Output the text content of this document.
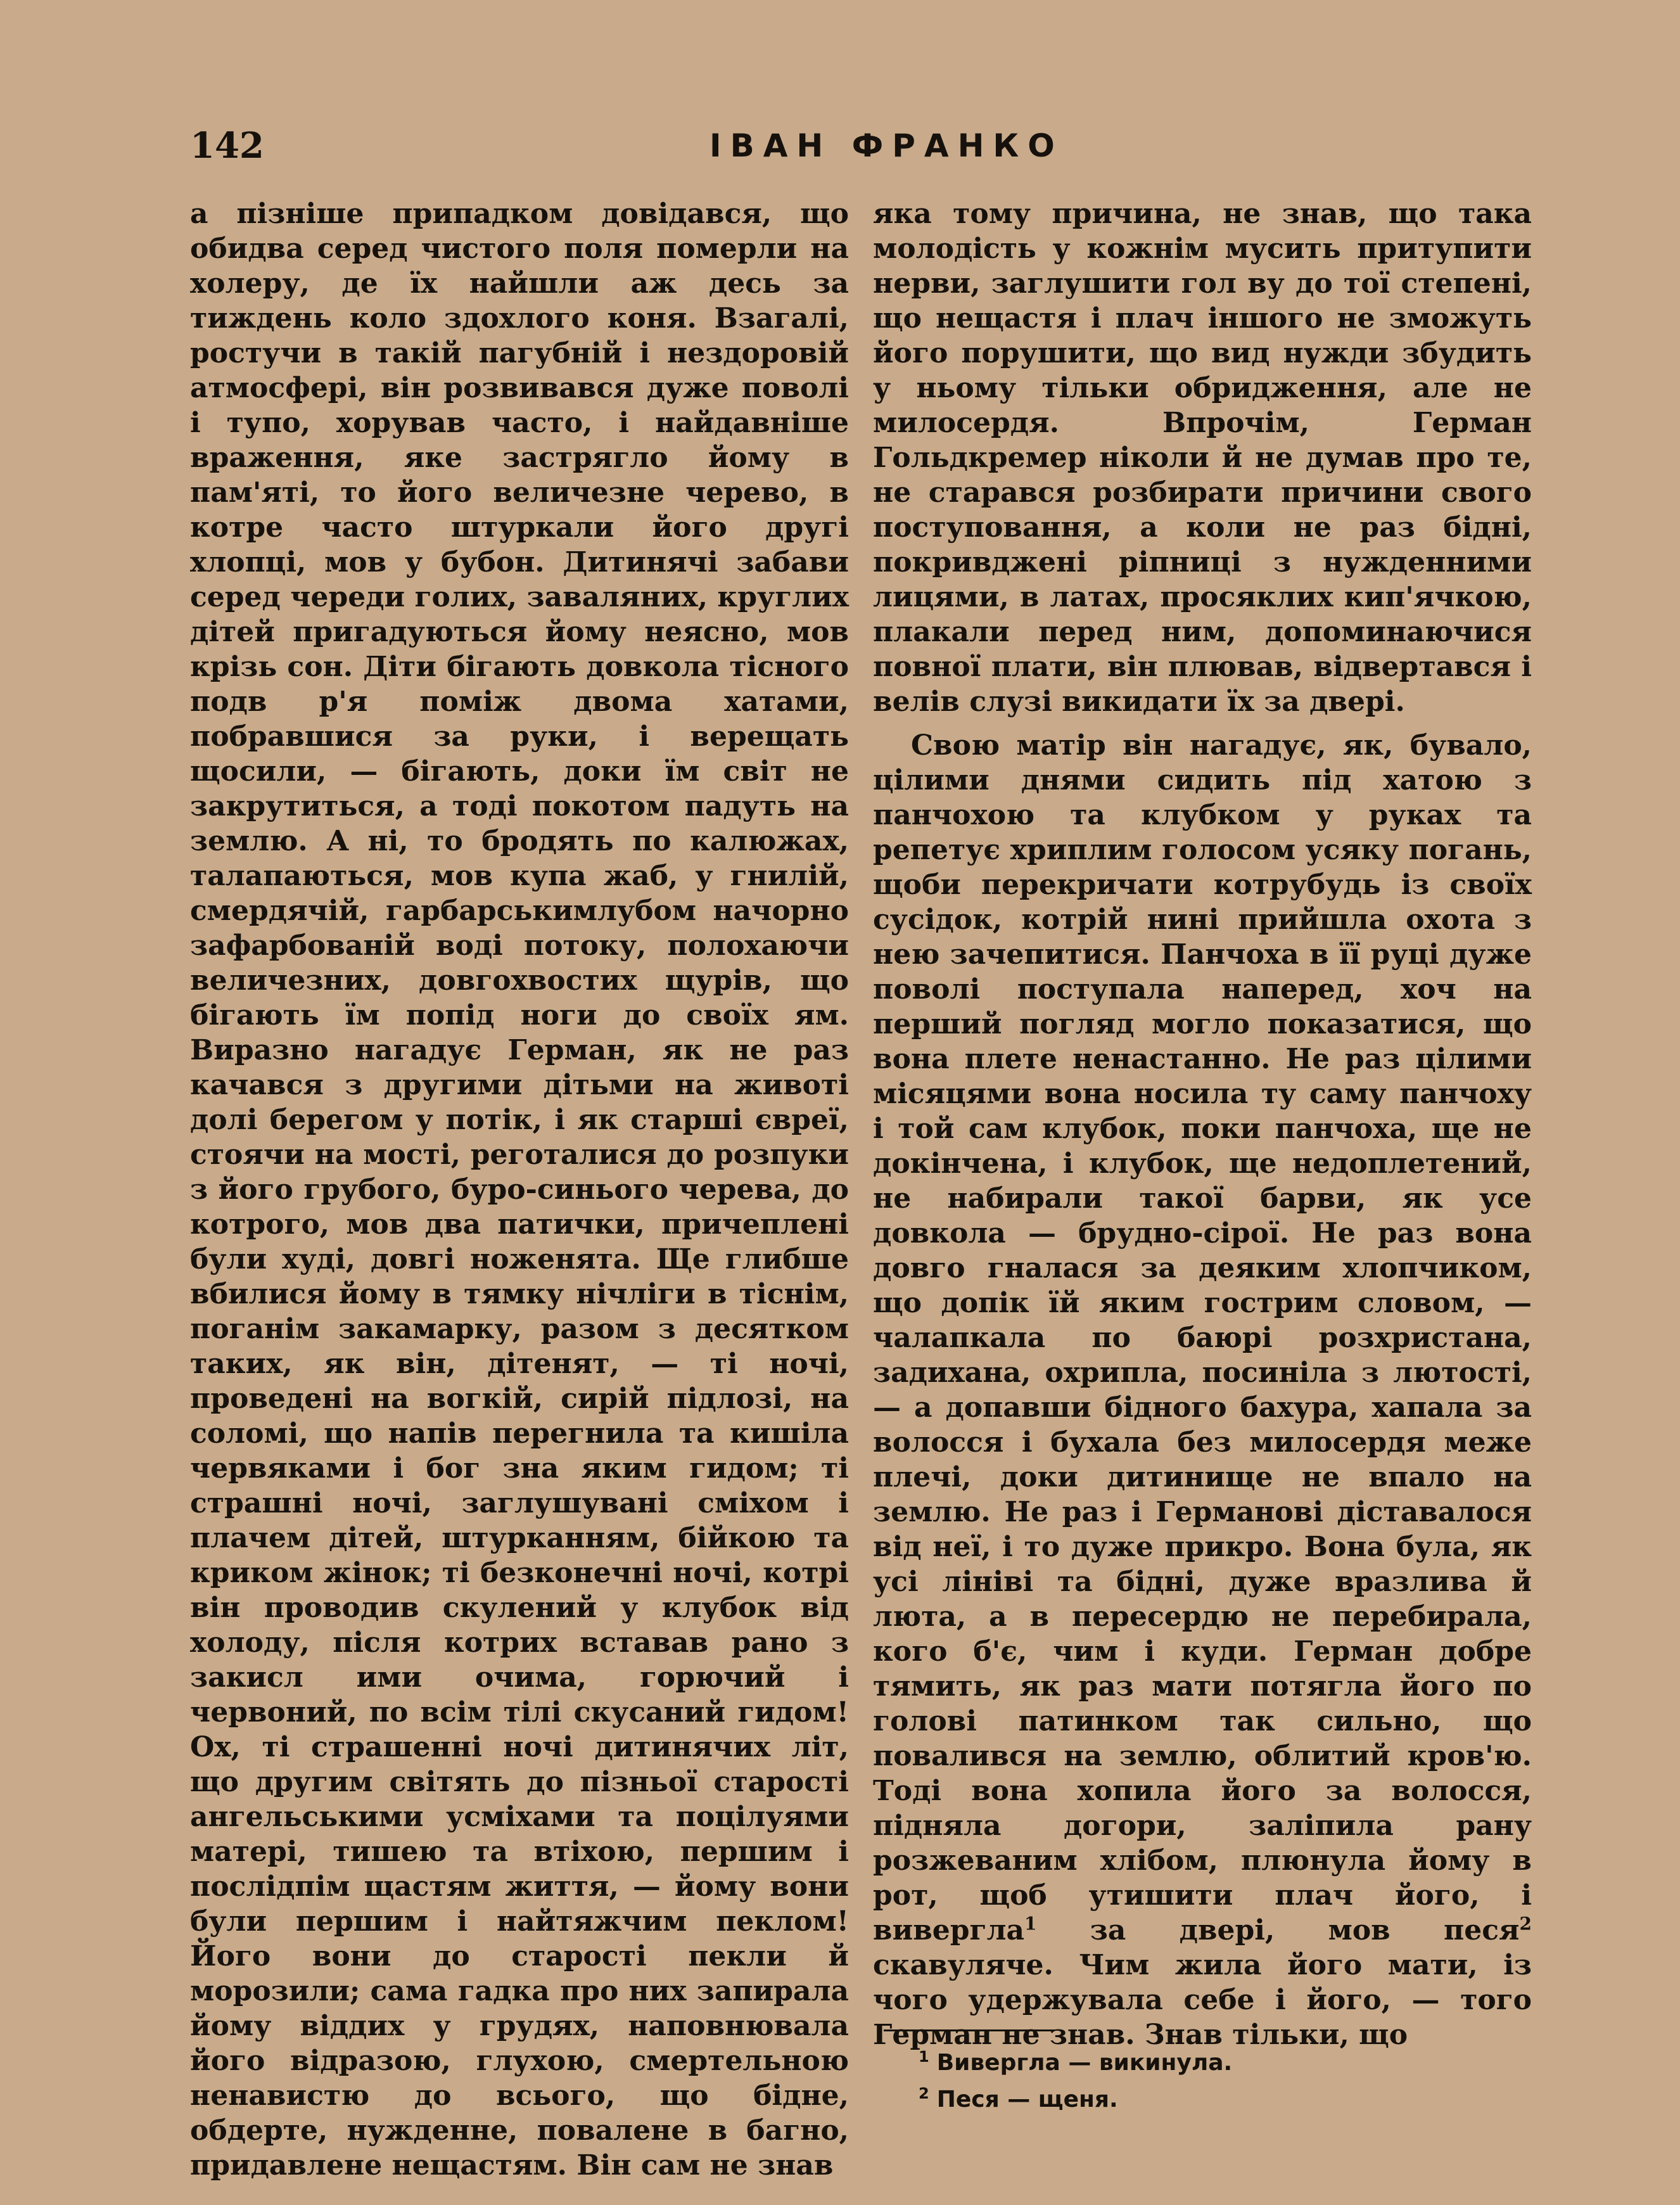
142	ІВАН ФРАНКО

а пізніше припадком довідався, що обидва серед чистого поля померли на холеру, де їх найшли аж десь за тиждень коло здохлого коня. Взагалі, ростучи в такій пагубній і нездоровій атмосфері, він розвивався дуже поволі і тупо, хорував часто, і найдавніше враження, яке застрягло йому в пам'яті, то його величезне черево, в котре часто штуркали його другі хлопці, мов у бубон. Дитинячі забави серед череди голих, заваляних, круглих дітей пригадуються йому неясно, мов крізь сон. Діти бігають довкола тісного подв р'я поміж двома хатами, побравшися за руки, і верещать щосили, — бігають, доки їм світ не закрутиться, а тоді покотом падуть на землю. А ні, то бродять по калюжах, талапаються, мов купа жаб, у гнилій, смердячій, гарбарськимлубом начорно зафарбованій воді потоку, полохаючи величезних, довгохвостих щурів, що бігають їм попід ноги до своїх ям. Виразно нагадує Герман, як не раз качався з другими дітьми на животі долі берегом у потік, і як старші євреї, стоячи на мості, реготалися до розпуки з його грубого, буро-синього черева, до котрого, мов два патички, причеплені були худі, довгі ноженята. Ще глибше вбилися йому в тямку нічліги в тіснім, поганім закамарку, разом з десятком таких, як він, дітенят, — ті ночі, проведені на вогкій, сирій підлозі, на соломі, що напів перегнила та кишіла червяками і бог зна яким гидом; ті страшні ночі, заглушувані сміхом і плачем дітей, штурканням, бійкою та криком жінок; ті безконечні ночі, котрі він проводив скулений у клубок від холоду, після котрих вставав рано з закисл ими очима, горючий і червоний, по всім тілі скусаний гидом! Ох, ті страшенні ночі дитинячих літ, що другим світять до пізньої старості ангельськими усміхами та поцілуями матері, тишею та втіхою, першим і послідпім щастям життя, — йому вони були першим і найтяжчим пеклом! Його вони до старості пекли й морозили; сама гадка про них запирала йому віддих у грудях, наповнювала його відразою, глухою, смертельною ненавистю до всього, що бідне, обдерте, нужденне, повалене в багно, придавлене нещастям. Він сам не знав

яка тому причина, не знав, що така молодість у кожнім мусить притупити нерви, заглушити гол ву до тої степені, що нещастя і плач іншого не зможуть його порушити, що вид нужди збудить у ньому тільки обридження, але не милосердя. Впрочім, Герман Гольдкремер ніколи й не думав про те, не старався розбирати причини свого поступовання, а коли не раз бідні, покривджені ріпниці з нужденними лицями, в латах, просяклих кип'ячкою, плакали перед ним, допоминаючися повної плати, він плював, відвертався і велів слузі викидати їх за двері.

Свою матір він нагадує, як, бувало, цілими днями сидить під хатою з панчохою та клубком у руках та репетує хриплим голосом усяку погань, щоби перекричати котрубудь із своїх сусідок, котрій нині прийшла охота з нею зачепитися. Панчоха в її руці дуже поволі поступала наперед, хоч на перший погляд могло показатися, що вона плете ненастанно. Не раз цілими місяцями вона носила ту саму панчоху і той сам клубок, поки панчоха, ще не докінчена, і клубок, ще недоплетений, не набирали такої барви, як усе довкола — брудно-сірої. Не раз вона довго гналася за деяким хлопчиком, що допік їй яким гострим словом, — чалапкала по баюрі розхристана, задихана, охрипла, посиніла з лютості, — а допавши бідного бахура, хапала за волосся і бухала без милосердя меже плечі, доки дитинище не впало на землю. Не раз і Германові діставалося від неї, і то дуже прикро. Вона була, як усі лініві та бідні, дуже вразлива й люта, а в пересердю не перебирала, кого б'є, чим і куди. Герман добре тямить, як раз мати потягла його по голові патинком так сильно, що повалився на землю, облитий кров'ю. Тоді вона хопила його за волосся, підняла догори, заліпила рану розжеваним хлібом, плюнула йому в рот, щоб утишити плач його, і виверглa$^1$ за двері, мов песя$^2$ скавуляче. Чим жила його мати, із чого удержувала себе і його, — того Герман не знав. Знав тільки, що

$^1$ Вивергла — викинула.

$^2$ Песя — щеня.
